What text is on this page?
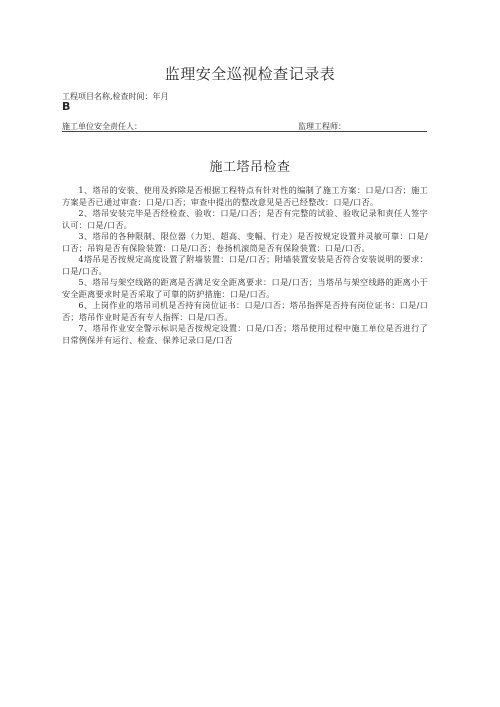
监理安全巡视检查记录表
工程项目名称,检查时间：年月
B
施工单位安全责任人：	监理工程师：
施工塔吊检查

1、塔吊的安装、使用及拆除是否根据工程特点有针对性的编制了施工方案：口是/口否；施工方案是否已通过审查：口是/口否；审查中提出的整改意见是否已经整改：口是/口否。

2、塔吊安装完毕是否经检查、验收：口是/口否；是否有完整的试验、验收记录和责任人签字认可：口是/口否。

3、塔吊的各种限制、限位器（力矩、超高、变幅、行走）是否按规定设置并灵敏可靠：口是/口否；吊钩是否有保险装置：口是/口否；卷扬机滚筒是否有保险装置：口是/口否。

4塔吊是否按规定高度设置了附墙装置：口是/口否；附墙装置安装是否符合安装说明的要求：口是/口否。

5、塔吊与架空线路的距离是否满足安全距离要求：口是/口否；当塔吊与架空线路的距离小于安全距离要求时是否采取了可靠的防护措施：口是/口否。

6、上岗作业的塔吊司机是否持有岗位证书：口是/口否；塔吊指挥是否持有岗位证书：口是/口否；塔吊作业时是否有专人指挥：口是/口否。

7、塔吊作业安全警示标识是否按规定设置：口是/口否；塔吊使用过程中施工单位是否进行了日常例保并有运行、检查、保养记录口是/口否
